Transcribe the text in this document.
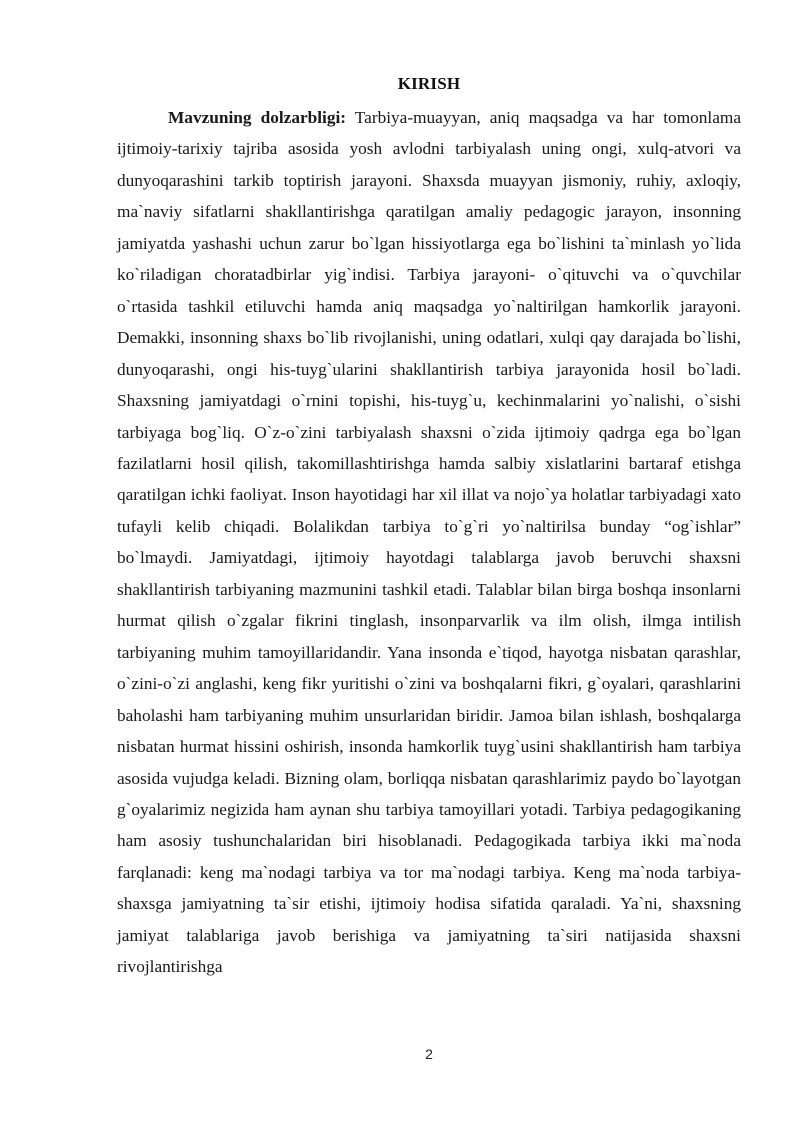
KIRISH

Mavzuning dolzarbligi: Tarbiya-muayyan, aniq maqsadga va har tomonlama ijtimoiy-tarixiy tajriba asosida yosh avlodni tarbiyalash uning ongi, xulq-atvori va dunyoqarashini tarkib toptirish jarayoni. Shaxsda muayyan jismoniy, ruhiy, axloqiy, ma`naviy sifatlarni shakllantirishga qaratilgan amaliy pedagogic jarayon, insonning jamiyatda yashashi uchun zarur bo`lgan hissiyotlarga ega bo`lishini ta`minlash yo`lida ko`riladigan choratadbirlar yig`indisi. Tarbiya jarayoni- o`qituvchi va o`quvchilar o`rtasida tashkil etiluvchi hamda aniq maqsadga yo`naltirilgan hamkorlik jarayoni. Demakki, insonning shaxs bo`lib rivojlanishi, uning odatlari, xulqi qay darajada bo`lishi, dunyoqarashi, ongi his-tuyg`ularini shakllantirish tarbiya jarayonida hosil bo`ladi. Shaxsning jamiyatdagi o`rnini topishi, his-tuyg`u, kechinmalarini yo`nalishi, o`sishi tarbiyaga bog`liq. O`z-o`zini tarbiyalash shaxsni o`zida ijtimoiy qadrga ega bo`lgan fazilatlarni hosil qilish, takomillashtirishga hamda salbiy xislatlarini bartaraf etishga qaratilgan ichki faoliyat. Inson hayotidagi har xil illat va nojo`ya holatlar tarbiyadagi xato tufayli kelib chiqadi. Bolalikdan tarbiya to`g`ri yo`naltirilsa bunday “og`ishlar” bo`lmaydi. Jamiyatdagi, ijtimoiy hayotdagi talablarga javob beruvchi shaxsni shakllantirish tarbiyaning mazmunini tashkil etadi. Talablar bilan birga boshqa insonlarni hurmat qilish o`zgalar fikrini tinglash, insonparvarlik va ilm olish, ilmga intilish tarbiyaning muhim tamoyillaridandir. Yana insonda e`tiqod, hayotga nisbatan qarashlar, o`zini-o`zi anglashi, keng fikr yuritishi o`zini va boshqalarni fikri, g`oyalari, qarashlarini baholashi ham tarbiyaning muhim unsurlaridan biridir. Jamoa bilan ishlash, boshqalarga nisbatan hurmat hissini oshirish, insonda hamkorlik tuyg`usini shakllantirish ham tarbiya asosida vujudga keladi. Bizning olam, borliqqa nisbatan qarashlarimiz paydo bo`layotgan g`oyalarimiz negizida ham aynan shu tarbiya tamoyillari yotadi. Tarbiya pedagogikaning ham asosiy tushunchalaridan biri hisoblanadi. Pedagogikada tarbiya ikki ma`noda farqlanadi: keng ma`nodagi tarbiya va tor ma`nodagi tarbiya. Keng ma`noda tarbiya- shaxsga jamiyatning ta`sir etishi, ijtimoiy hodisa sifatida qaraladi. Ya`ni, shaxsning jamiyat talablariga javob berishiga va jamiyatning ta`siri natijasida shaxsni rivojlantirishga

2
